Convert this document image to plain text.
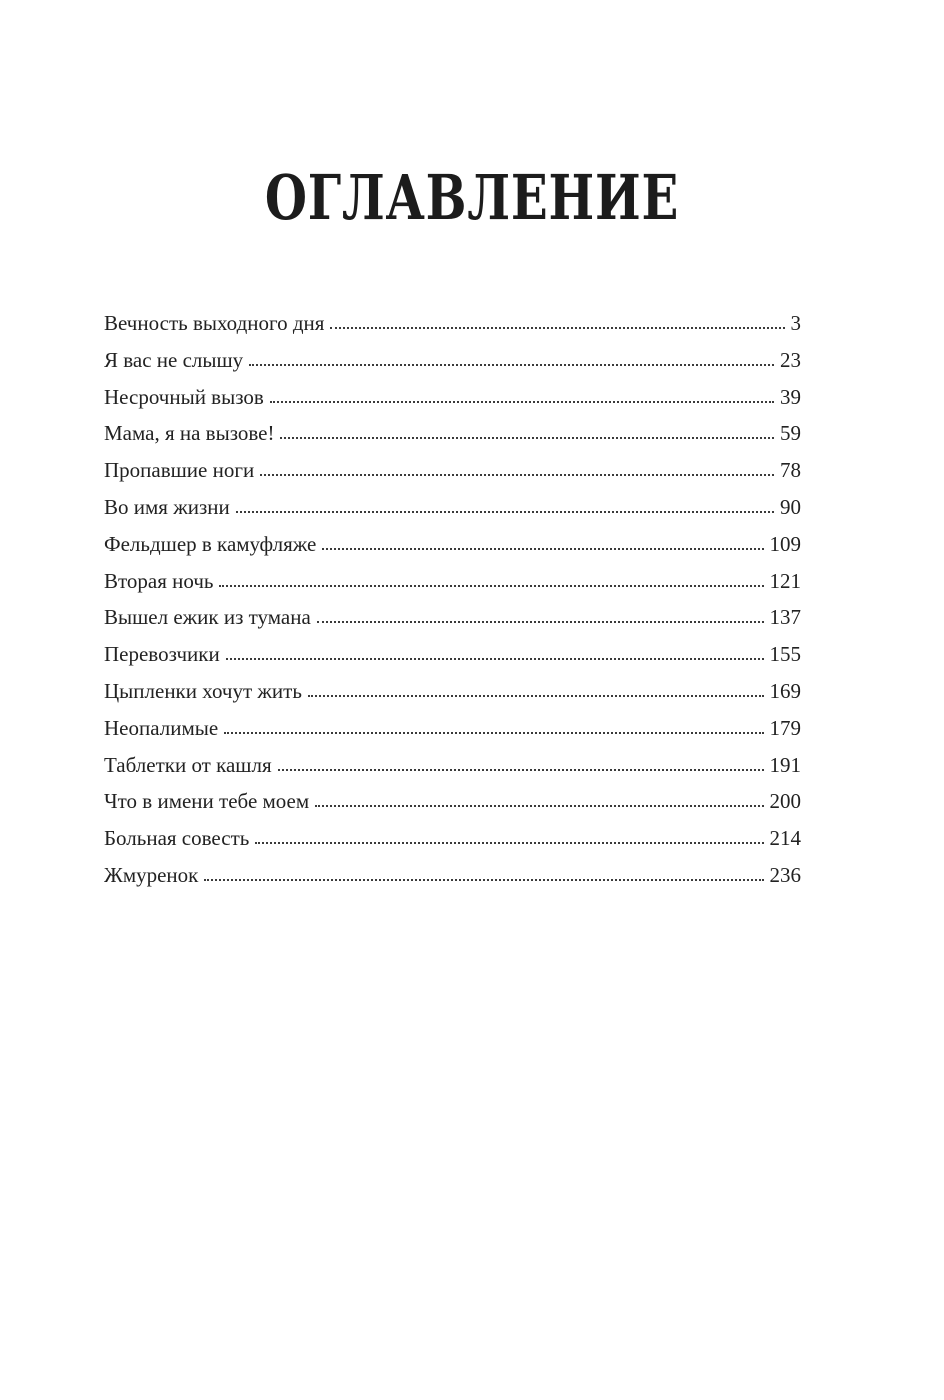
ОГЛАВЛЕНИЕ
Вечность выходного дня	3
Я вас не слышу	23
Несрочный вызов	39
Мама, я на вызове!	59
Пропавшие ноги	78
Во имя жизни	90
Фельдшер в камуфляже	109
Вторая ночь	121
Вышел ежик из тумана	137
Перевозчики	155
Цыпленки хочут жить	169
Неопалимые	179
Таблетки от кашля	191
Что в имени тебе моем	200
Больная совесть	214
Жмуренок	236
